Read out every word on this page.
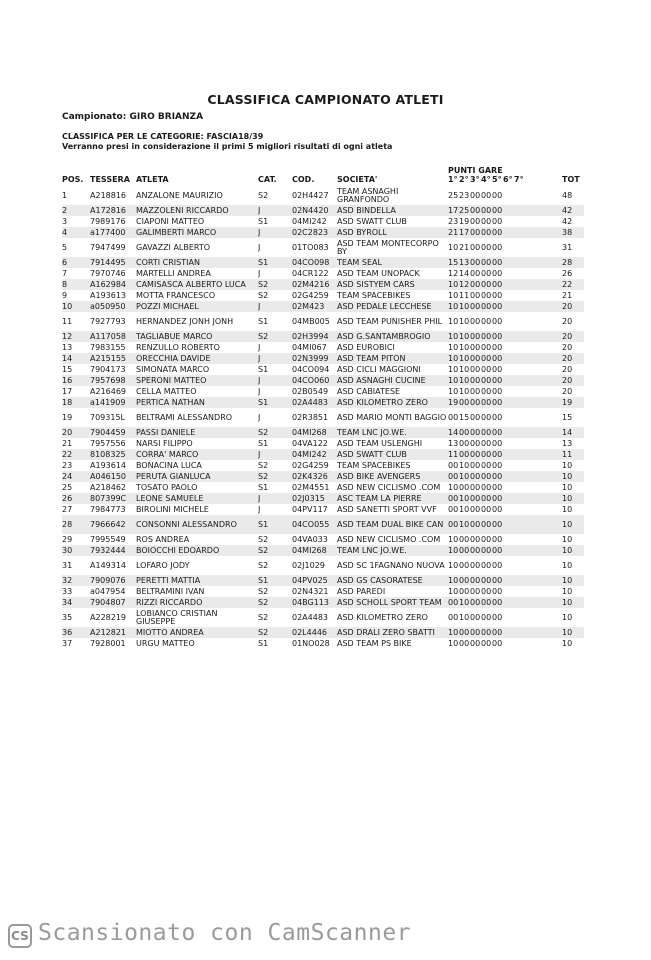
CLASSIFICA CAMPIONATO ATLETI
Campionato: GIRO BRIANZA
CLASSIFICA PER LE CATEGORIE: FASCIA18/39
Verranno presi in considerazione il primi 5 migliori risultati di ogni atleta
POS.	TESSERA	ATLETA	CAT.	COD.	SOCIETA'	PUNTI GARE
1°2°3°4°5°6°7°	TOT
1	A218816	ANZALONE MAURIZIO	S2	02H4427	TEAM ASNAGHI GRANFONDO	2523000000	48
2	A172816	MAZZOLENI RICCARDO	J	02N4420	ASD BINDELLA	1725000000	42
3	7989176	CIAPONI MATTEO	S1	04MI242	ASD SWATT CLUB	2319000000	42
4	a177400	GALIMBERTI MARCO	J	02C2823	ASD BYROLL	2117000000	38
5	7947499	GAVAZZI ALBERTO	J	01TO083	ASD TEAM MONTECORPO BY	1021000000	31
6	7914495	CORTI CRISTIAN	S1	04CO098	TEAM SEAL	1513000000	28
7	7970746	MARTELLI ANDREA	J	04CR122	ASD TEAM UNOPACK	1214000000	26
8	A162984	CAMISASCA ALBERTO LUCA	S2	02M4216	ASD SISTYEM CARS	1012000000	22
9	A193613	MOTTA FRANCESCO	S2	02G4259	TEAM SPACEBIKES	1011000000	21
10	a050950	POZZI MICHAEL	J	02M423	ASD PEDALE LECCHESE	1010000000	20
11	7927793	HERNANDEZ JONH JONH	S1	04MB005	ASD TEAM PUNISHER PHIL	1010000000	20
12	A117058	TAGLIABUE MARCO	S2	02H3994	ASD G.SANTAMBROGIO	1010000000	20
13	7983155	RENZULLO ROBERTO	J	04MI067	ASD EUROBICI	1010000000	20
14	A215155	ORECCHIA DAVIDE	J	02N3999	ASD TEAM PITON	1010000000	20
15	7904173	SIMONATA MARCO	S1	04CO094	ASD CICLI MAGGIONI	1010000000	20
16	7957698	SPERONI MATTEO	J	04CO060	ASD ASNAGHI CUCINE	1010000000	20
17	A216469	CELLA MATTEO	J	02B0549	ASD CABIATESE	1010000000	20
18	a141909	PERTICA NATHAN	S1	02A4483	ASD KILOMETRO ZERO	1900000000	19
19	709315L	BELTRAMI ALESSANDRO	J	02R3851	ASD MARIO MONTI BAGGIO	0015000000	15
20	7904459	PASSI DANIELE	S2	04MI268	TEAM LNC JO.WE.	1400000000	14
21	7957556	NARSI FILIPPO	S1	04VA122	ASD TEAM USLENGHI	1300000000	13
22	8108325	CORRA' MARCO	J	04MI242	ASD SWATT CLUB	1100000000	11
23	A193614	BONACINA LUCA	S2	02G4259	TEAM SPACEBIKES	0010000000	10
24	A046150	PERUTA GIANLUCA	S2	02K4326	ASD BIKE AVENGERS	0010000000	10
25	A218462	TOSATO PAOLO	S1	02M4551	ASD NEW CICLISMO .COM	1000000000	10
26	807399C	LEONE SAMUELE	J	02J0315	ASC TEAM LA PIERRE	0010000000	10
27	7984773	BIROLINI MICHELE	J	04PV117	ASD SANETTI SPORT VVF	0010000000	10
28	7966642	CONSONNI ALESSANDRO	S1	04CO055	ASD TEAM DUAL BIKE CAN	0010000000	10
29	7995549	ROS ANDREA	S2	04VA033	ASD NEW CICLISMO .COM	1000000000	10
30	7932444	BOIOCCHI EDOARDO	S2	04MI268	TEAM LNC JO.WE.	1000000000	10
31	A149314	LOFARO JODY	S2	02J1029	ASD SC 1FAGNANO NUOVA	1000000000	10
32	7909076	PERETTI MATTIA	S1	04PV025	ASD GS CASORATESE	1000000000	10
33	a047954	BELTRAMINI IVAN	S2	02N4321	ASD PAREDI	1000000000	10
34	7904807	RIZZI RICCARDO	S2	04BG113	ASD SCHOLL SPORT TEAM	0010000000	10
35	A228219	LOBIANCO CRISTIAN GIUSEPPE	S2	02A4483	ASD KILOMETRO ZERO	0010000000	10
36	A212821	MIOTTO ANDREA	S2	02L4446	ASD DRALI ZERO SBATTI	1000000000	10
37	7928001	URGU MATTEO	S1	01NO028	ASD TEAM PS BIKE	1000000000	10
CS Scansionato con CamScanner
